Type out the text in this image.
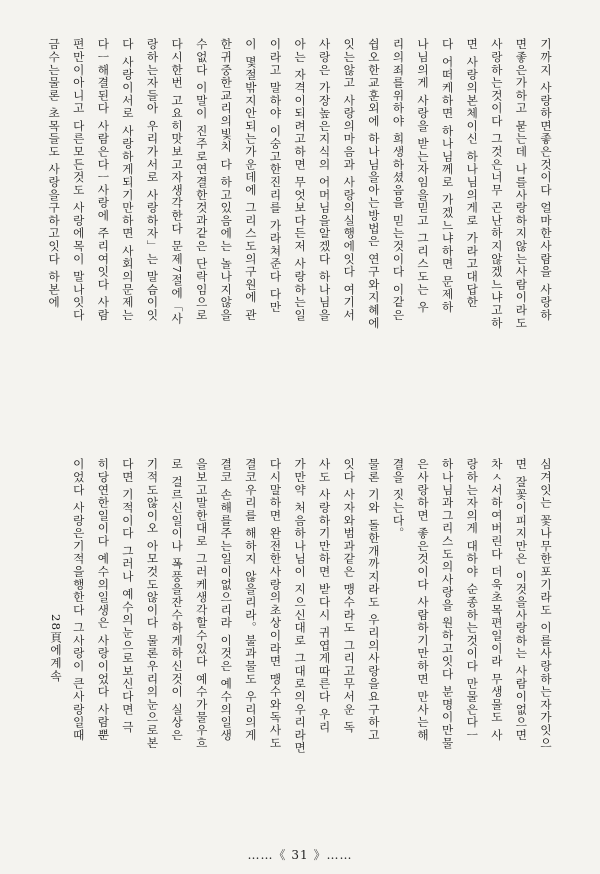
기까지 사랑하면좋은것이다 얼마한사람을 사랑하
면좋은가하고 묻는데 나를사랑하지않는사람이라도
사랑하는것이다 그것은너무 곤난하지않겠느냐고하
면 사랑의본체이신 하나님의게로 가라고대답한
다 어떠케하면 하나님께로 가겠느냐하면 문제하
나님의게 사랑을 받는자임을믿고 그리스도는 우
리의죄를위하야 희생하셨음을 믿는것이다 이같은
쉽오한교훈외에 하나님을아는방법은 연구와지혜에
잇는않고 사랑의마음과 사랑의실행에잇다 여기서
사랑은 가장높은지식의 어머님을알겠다 하나님을
아는 자격이되려고하면 무엇보다든저 사랑하는일
이라고 말하야 이숭고한진리를 가라쳐준다 다만
이 몇절밖지안되는가운데에 그리스도의구원에 관
한귀중한교리의빛치 다 하고있음에는 놀나지않을
수없다 이말이 진주로연결한것과같은 단락임으로
다시한번 고요히맛보고자생각한다 문제7절에「사
랑하는자들아 우리가서로 사랑하자」는 말슴이잇
다 사랑이서로 사랑하게되기만하면 사회의문제는
다ㅡ해결된다 사람은다ㅡ사랑에 주리여잇다 사람
편만이아니고 다른모든것도 사랑에목이 말나잇다
금수는물론 초목들도 사랑을구하고잇다 하본에
심겨잇는 꽃나무한포기라도 이를사랑하는자가잇으
면 잘꽃이피지만은 이것을사랑하는 사람이없으면
차ㅅ서하여버린다 더욱초목편일이라 무생물도 사
랑하는자의게 대하야 순종하는것이다 만물은다ㅡ
하나님과그리스도의사랑을 원하고잇다 분명이만물
은사랑하면 좋은것이다 사람하기만하면 만사는해
결을 짓는다。
물론 기와 돌한개까지라도 우리의사랑을요구하고
잇다 사자와범과같은 맹수라도 그리고무서운 독
사도 사랑하기만하면 받다시 귀엽게따른다 우리
가만약 처음하나님이 지으신대로 그대로의우리라면
다시말하면 완전한사랑의초상이라면 맹수와독사도
결코우리를 해하지 않을리라。불과물도 우리의게
결코 손해를주는일이없으리라 이것은 예수의일생
을보고말한대로 그러케생각할수있다 예수가물우흐
로 걸르신일이나 폭풍을잔수하게하신것이 실상은
기적도않이오 아모것도않이다 물론우리의눈으로본
다면 기적이다 그러나 예수의눈으로보신다면 극
히당연한일이다 예수의일생은 사랑이었다 사람뿐
이었다 사랑은기적을행한다 그사랑이 큰사랑일때
28頁에계속
……《 31 》……
